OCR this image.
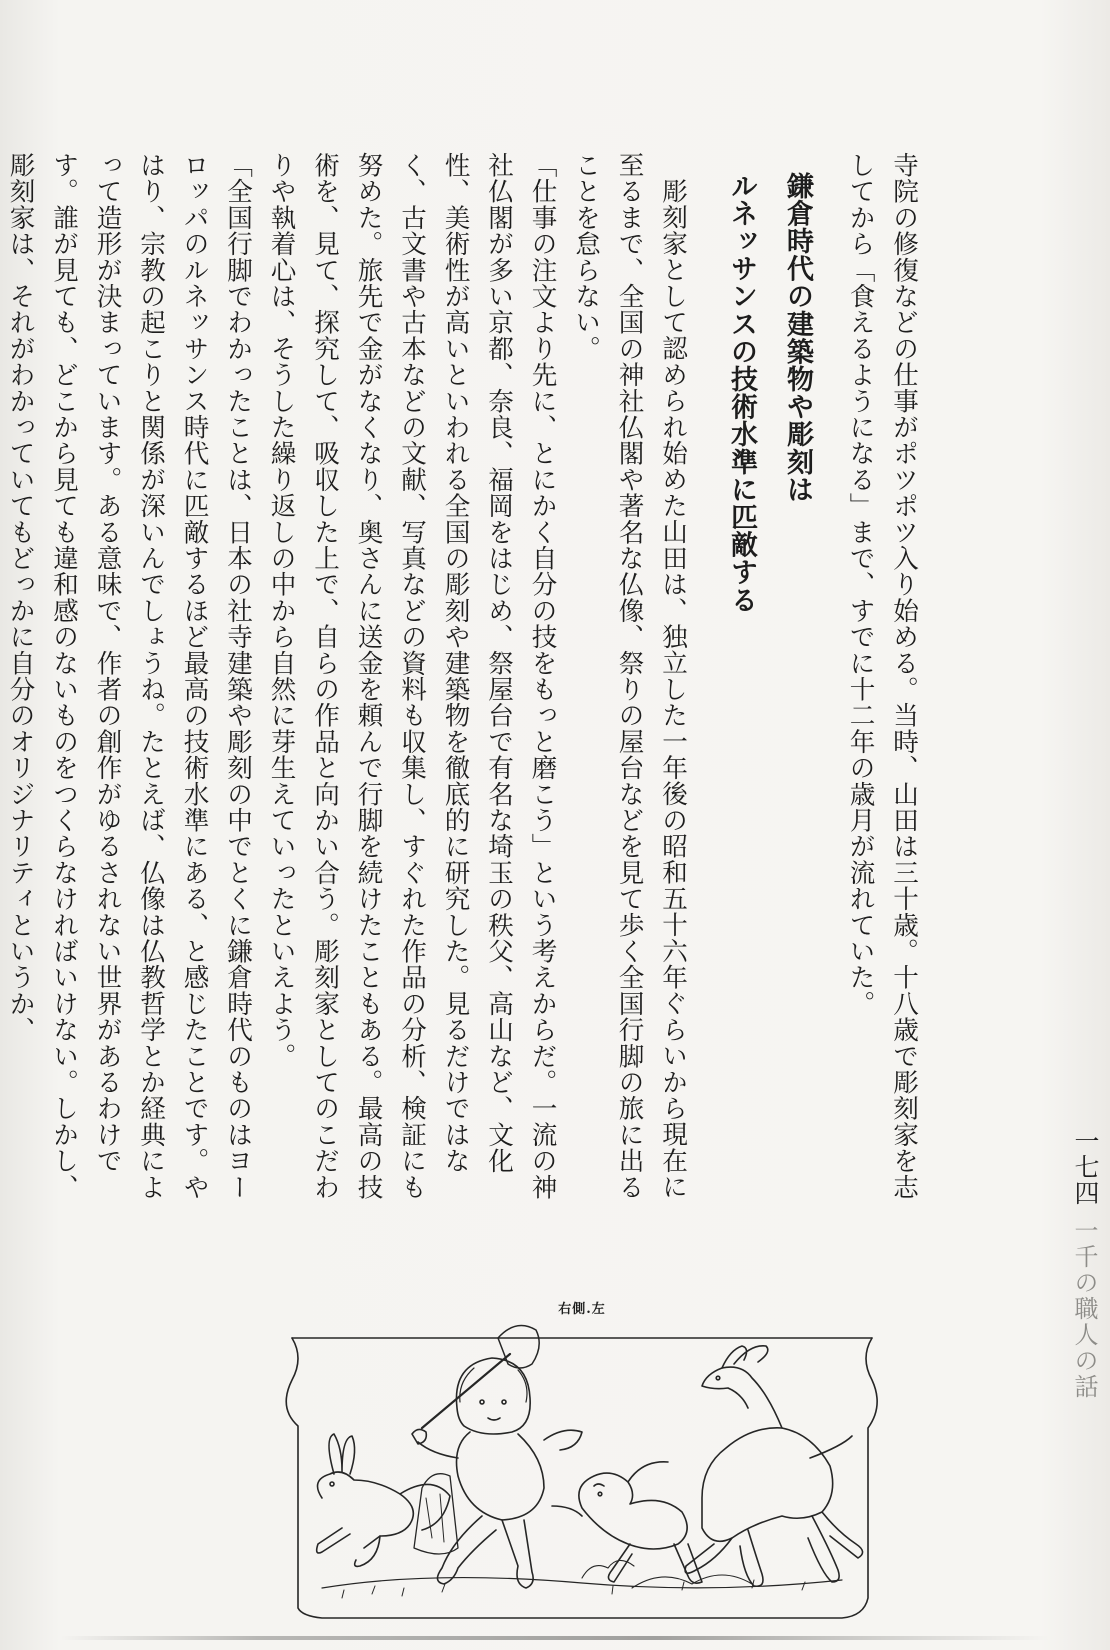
寺院の修復などの仕事がポツポツ入り始める。当時、山田は三十歳。十八歳で彫刻家を志してから「食えるようになる」まで、すでに十二年の歳月が流れていた。

鎌倉時代の建築物や彫刻は

ルネッサンスの技術水準に匹敵する

彫刻家として認められ始めた山田は、独立した一年後の昭和五十六年ぐらいから現在に至るまで、全国の神社仏閣や著名な仏像、祭りの屋台などを見て歩く全国行脚の旅に出ることを怠らない。

「仕事の注文より先に、とにかく自分の技をもっと磨こう」という考えからだ。一流の神社仏閣が多い京都、奈良、福岡をはじめ、祭屋台で有名な埼玉の秩父、高山など、文化性、美術性が高いといわれる全国の彫刻や建築物を徹底的に研究した。見るだけではなく、古文書や古本などの文献、写真などの資料も収集し、すぐれた作品の分析、検証にも努めた。旅先で金がなくなり、奥さんに送金を頼んで行脚を続けたこともある。最高の技術を、見て、探究して、吸収した上で、自らの作品と向かい合う。彫刻家としてのこだわりや執着心は、そうした繰り返しの中から自然に芽生えていったといえよう。

「全国行脚でわかったことは、日本の社寺建築や彫刻の中でとくに鎌倉時代のものはヨーロッパのルネッサンス時代に匹敵するほど最高の技術水準にある、と感じたことです。やはり、宗教の起こりと関係が深いんでしょうね。たとえば、仏像は仏教哲学とか経典によって造形が決まっています。ある意味で、作者の創作がゆるされない世界があるわけです。誰が見ても、どこから見ても違和感のないものをつくらなければいけない。しかし、彫刻家は、それがわかっていてもどっかに自分のオリジナリティというか、

一七四
一千の職人の話
右側.左
